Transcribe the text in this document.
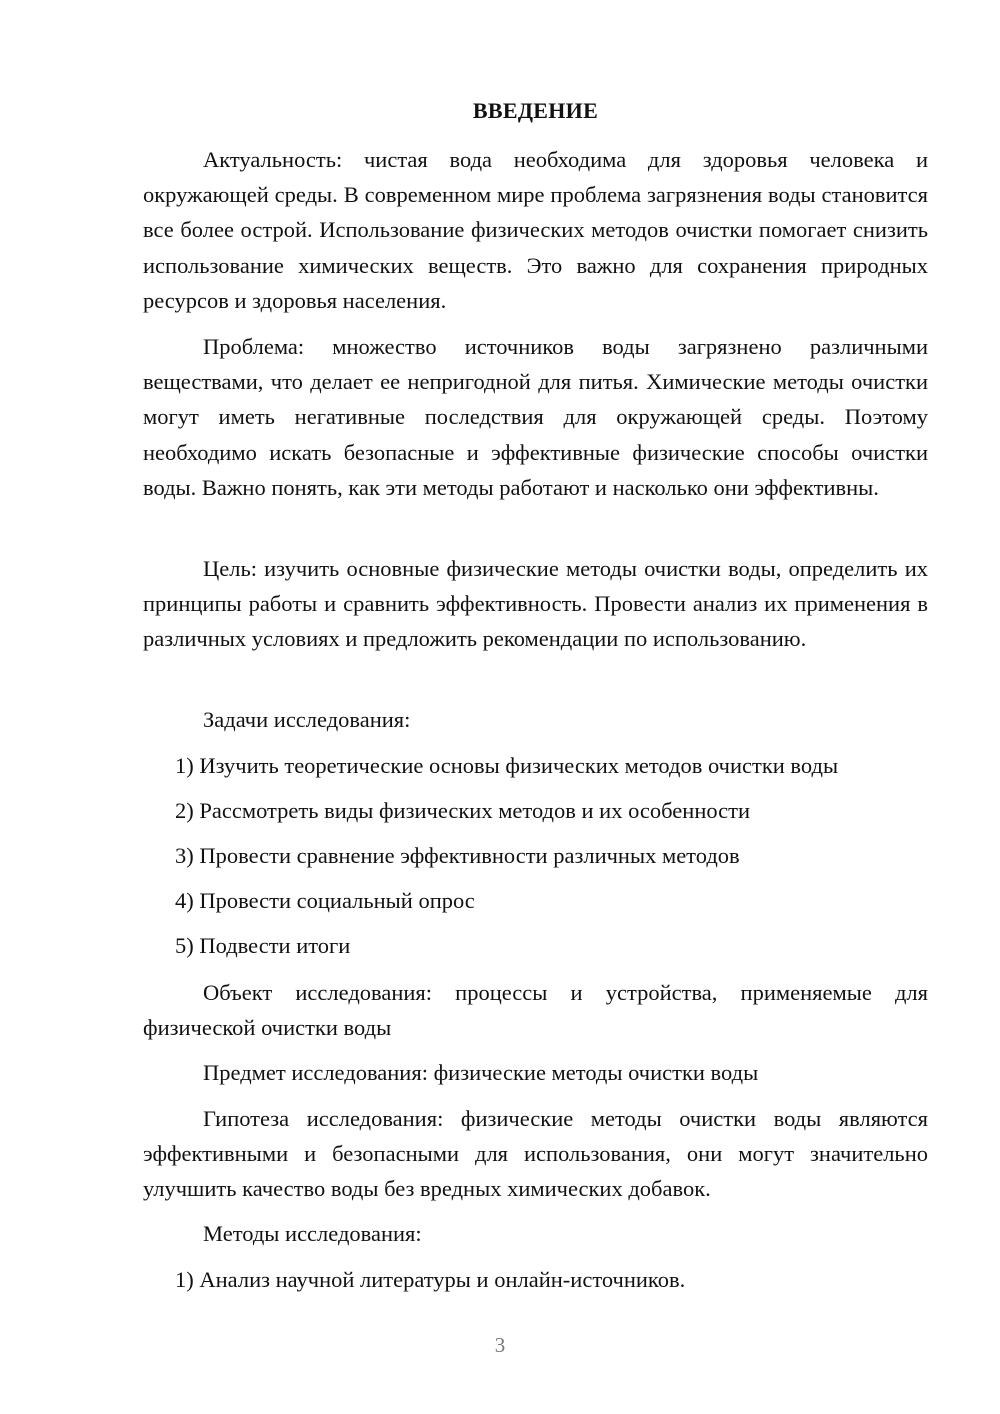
ВВЕДЕНИЕ

Актуальность: чистая вода необходима для здоровья человека и окружающей среды. В современном мире проблема загрязнения воды становится все более острой. Использование физических методов очистки помогает снизить использование химических веществ. Это важно для сохранения природных ресурсов и здоровья населения.

Проблема: множество источников воды загрязнено различными веществами, что делает ее непригодной для питья. Химические методы очистки могут иметь негативные последствия для окружающей среды. Поэтому необходимо искать безопасные и эффективные физические способы очистки воды. Важно понять, как эти методы работают и насколько они эффективны.

Цель: изучить основные физические методы очистки воды, определить их принципы работы и сравнить эффективность. Провести анализ их применения в различных условиях и предложить рекомендации по использованию.

Задачи исследования:

1) Изучить теоретические основы физических методов очистки воды

2) Рассмотреть виды физических методов и их особенности

3) Провести сравнение эффективности различных методов

4) Провести социальный опрос

5) Подвести итоги

Объект исследования: процессы и устройства, применяемые для физической очистки воды

Предмет исследования: физические методы очистки воды

Гипотеза исследования: физические методы очистки воды являются эффективными и безопасными для использования, они могут значительно улучшить качество воды без вредных химических добавок.

Методы исследования:

1) Анализ научной литературы и онлайн-источников.

3
